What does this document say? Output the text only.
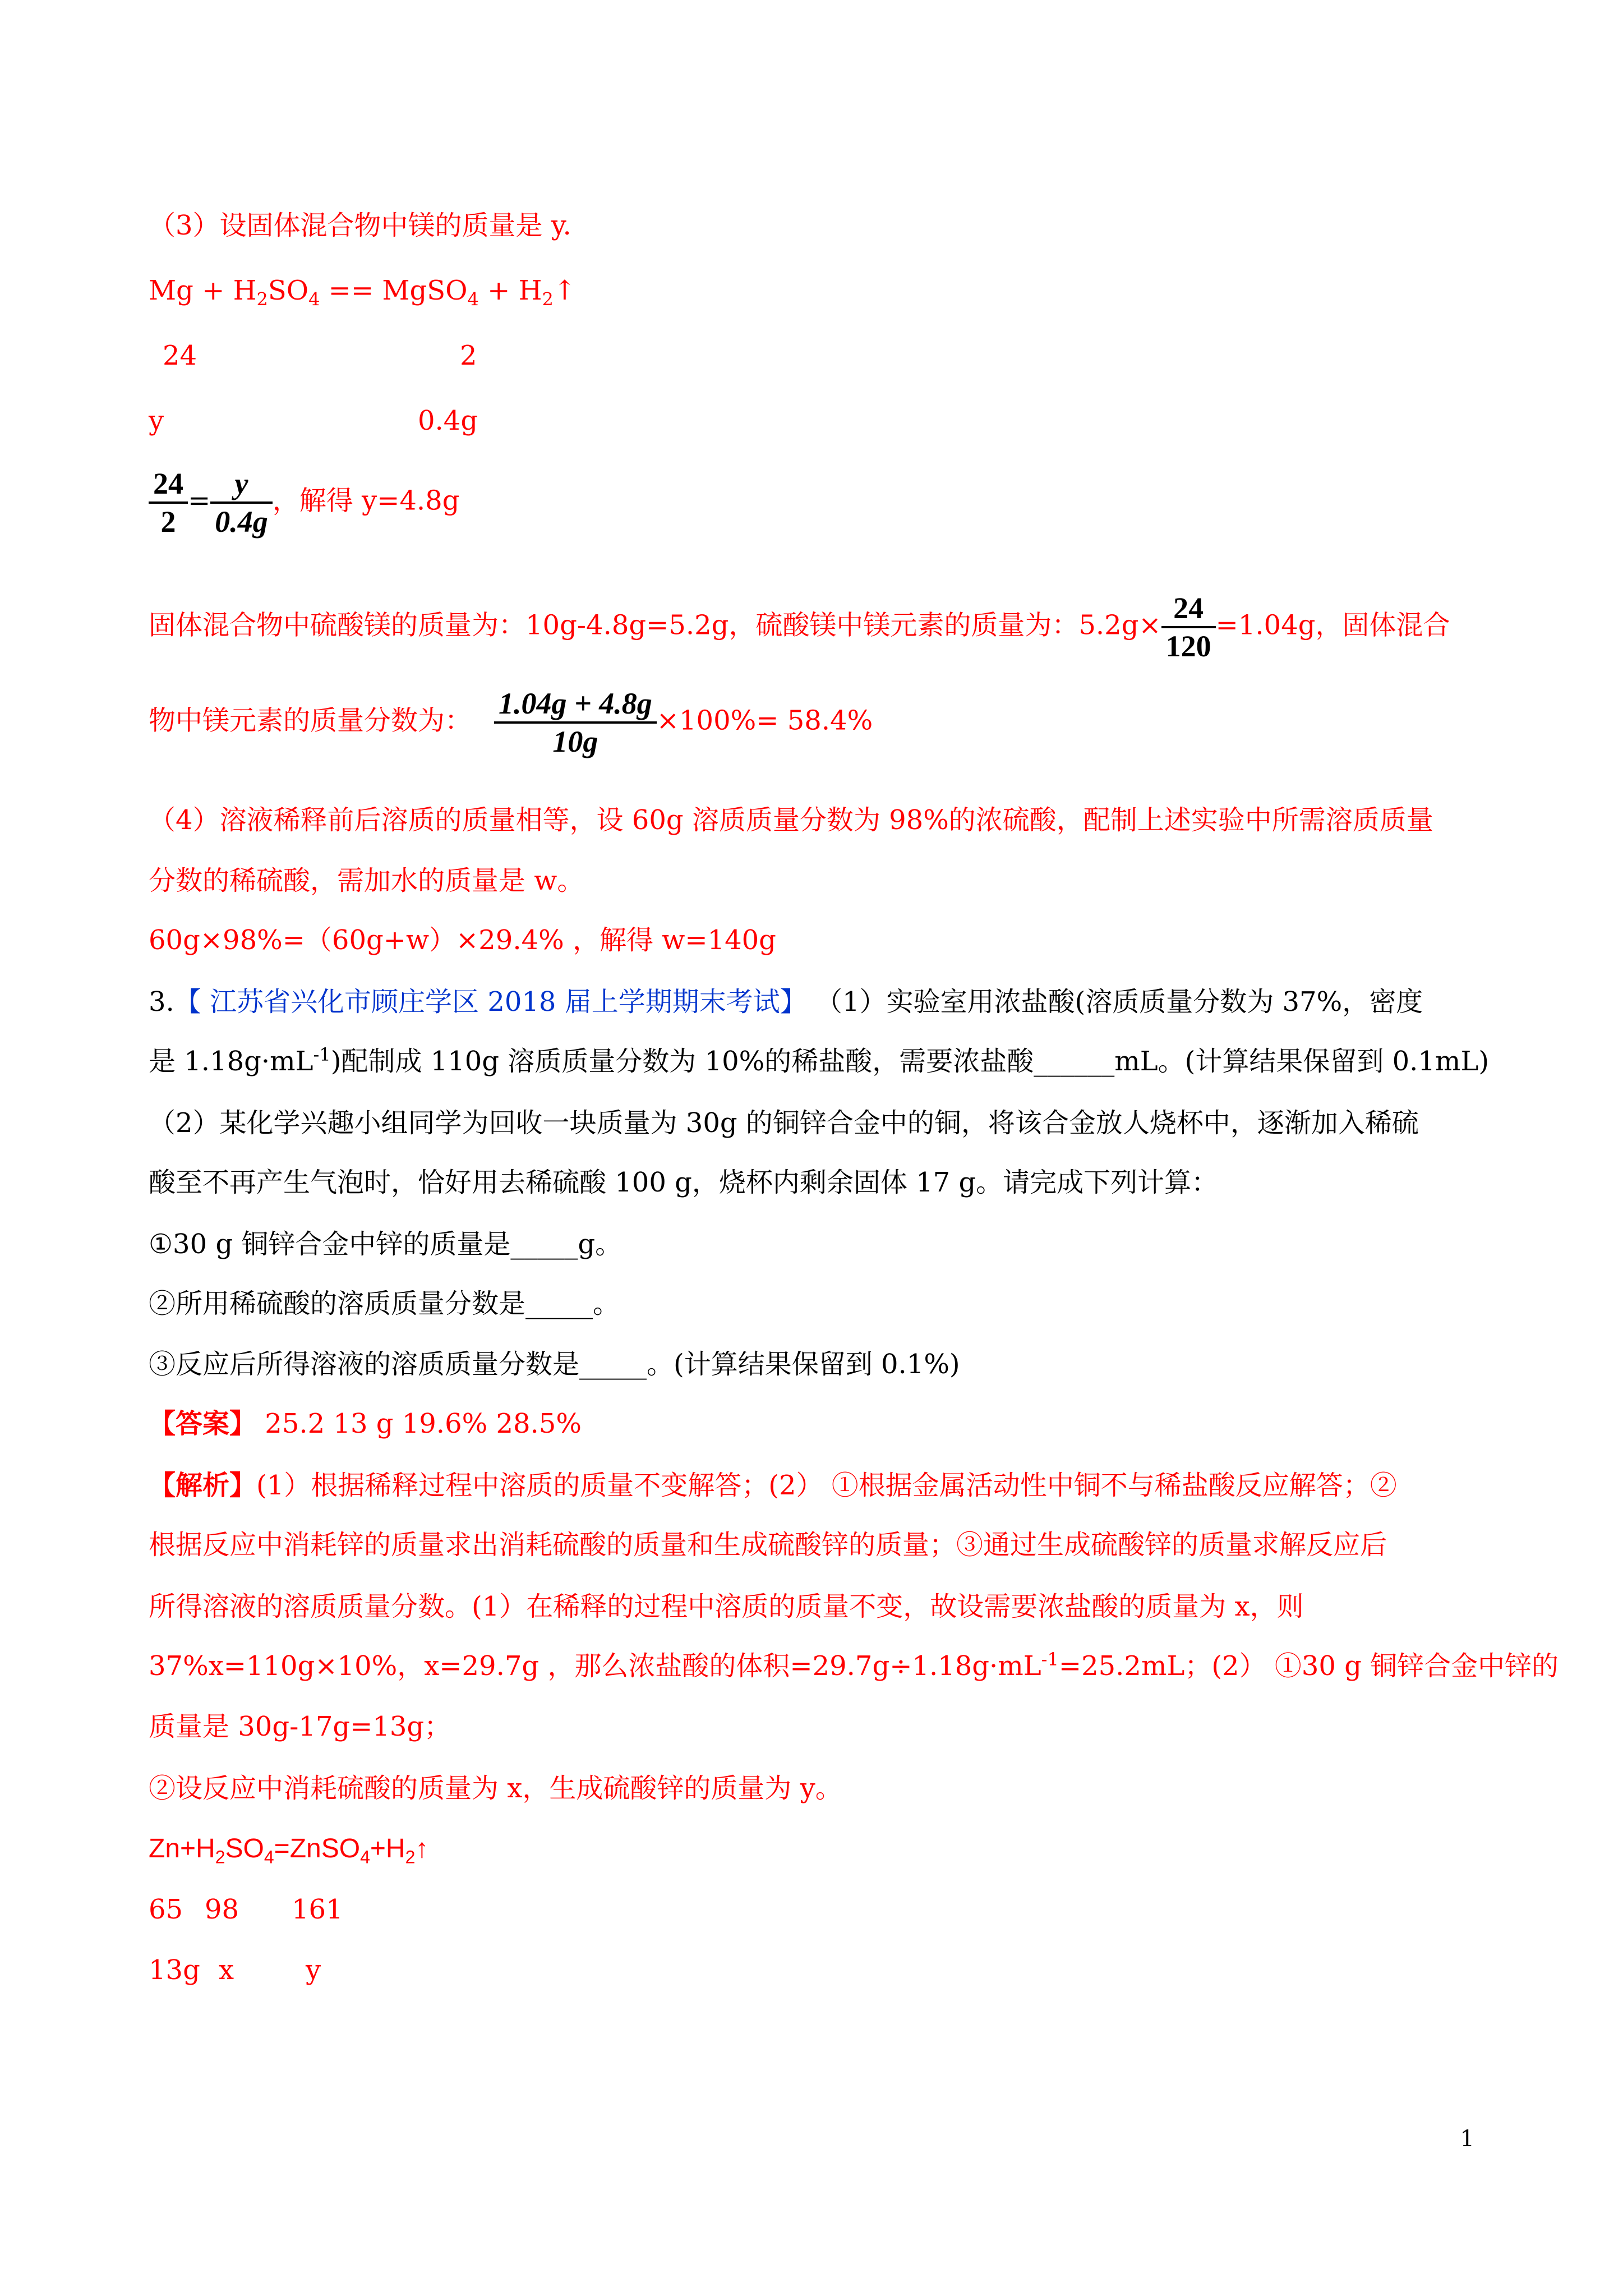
（3）设固体混合物中镁的质量是 y.
$Mg + H_2SO_4$ == MgSO$_4$ + $H_2↑$
24	2
y	0.4g
$\frac{24}{2} = \frac{y}{0.4g}$ ，解得 y=4.8g
固体混合物中硫酸镁的质量为：10g-4.8g=5.2g，硫酸镁中镁元素的质量为：$5.2g\times \frac{24}{120} =1.04g$，固体混合
物中镁元素的质量分数为： $\frac{1.04g + 4.8g}{10g} \times 100\%= 58.4\%$
（4）溶液稀释前后溶质的质量相等，设 60g 溶质质量分数为 98%的浓硫酸，配制上述实验中所需溶质质量
分数的稀硫酸，需加水的质量是 w。
60g×98%=（60g+w）×29.4% ，解得 w=140g
3.【 江苏省兴化市顾庄学区 2018 届上学期期末考试】 （1）实验室用浓盐酸(溶质质量分数为 37%，密度
是 $1.18g\cdot mL^{-1}$)配制成 110g 溶质质量分数为 10%的稀盐酸，需要浓盐酸______mL。(计算结果保留到 0.1mL)
（2）某化学兴趣小组同学为回收一块质量为 30g 的铜锌合金中的铜，将该合金放人烧杯中，逐渐加入稀硫
酸至不再产生气泡时，恰好用去稀硫酸 100 g，烧杯内剩余固体 17 g。请完成下列计算：
①30 g 铜锌合金中锌的质量是_____g。
②所用稀硫酸的溶质质量分数是_____。
③反应后所得溶液的溶质质量分数是_____。(计算结果保留到 0.1%)
【答案】 25.2 13 g 19.6% 28.5%
【解析】(1）根据稀释过程中溶质的质量不变解答；(2） ①根据金属活动性中铜不与稀盐酸反应解答；②
根据反应中消耗锌的质量求出消耗硫酸的质量和生成硫酸锌的质量；③通过生成硫酸锌的质量求解反应后
所得溶液的溶质质量分数。(1）在稀释的过程中溶质的质量不变，故设需要浓盐酸的质量为 x，则
37%x=110g×10%，x=29.7g ，那么浓盐酸的体积$=29.7g\div 1.18g\cdot mL^{-1}=25.2mL$；(2） ①30 g 铜锌合金中锌的
质量是 30g-17g=13g；
②设反应中消耗硫酸的质量为 x，生成硫酸锌的质量为 y。
$Zn+H_2SO_4=ZnSO_4+H_2↑$
65 98 161
13g x	y
1
